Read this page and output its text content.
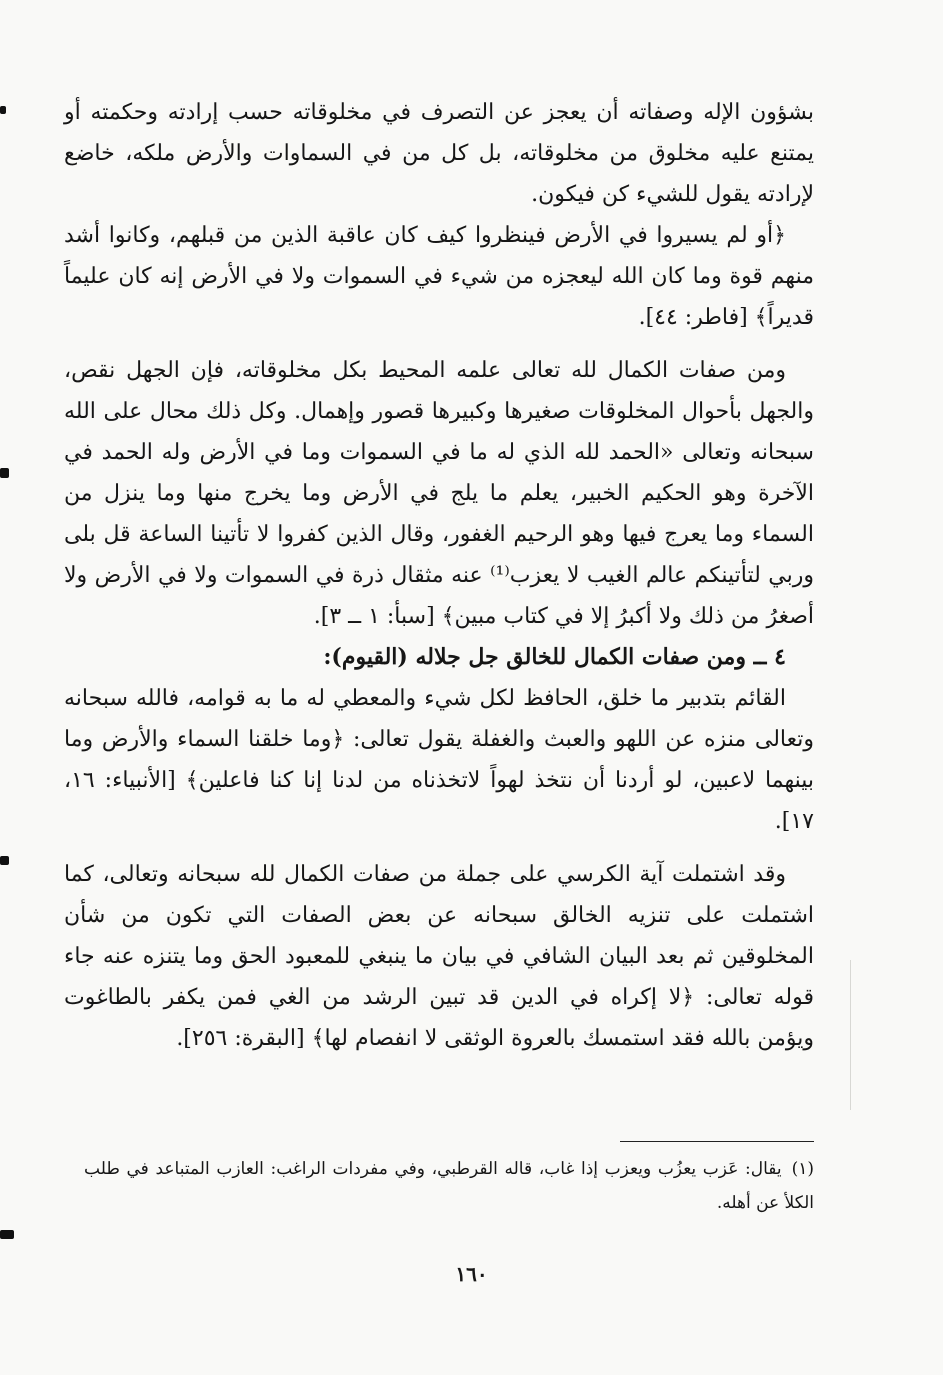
بشؤون الإله وصفاته أن يعجز عن التصرف في مخلوقاته حسب إرادته وحكمته أو يمتنع عليه مخلوق من مخلوقاته، بل كل من في السماوات والأرض ملكه، خاضع لإرادته يقول للشيء كن فيكون.

﴿أو لم يسيروا في الأرض فينظروا كيف كان عاقبة الذين من قبلهم، وكانوا أشد منهم قوة وما كان الله ليعجزه من شيء في السموات ولا في الأرض إنه كان عليماً قديراً﴾ [فاطر: ٤٤].

ومن صفات الكمال لله تعالى علمه المحيط بكل مخلوقاته، فإن الجهل نقص، والجهل بأحوال المخلوقات صغيرها وكبيرها قصور وإهمال. وكل ذلك محال على الله سبحانه وتعالى «الحمد لله الذي له ما في السموات وما في الأرض وله الحمد في الآخرة وهو الحكيم الخبير، يعلم ما يلج في الأرض وما يخرج منها وما ينزل من السماء وما يعرج فيها وهو الرحيم الغفور، وقال الذين كفروا لا تأتينا الساعة قل بلى وربي لتأتينكم عالم الغيب لا يعزب⁽¹⁾ عنه مثقال ذرة في السموات ولا في الأرض ولا أصغرُ من ذلك ولا أكبرُ إلا في كتاب مبين﴾ [سبأ: ١ ــ ٣].

٤ ــ ومن صفات الكمال للخالق جل جلاله (القيوم):

القائم بتدبير ما خلق، الحافظ لكل شيء والمعطي له ما به قوامه، فالله سبحانه وتعالى منزه عن اللهو والعبث والغفلة يقول تعالى: ﴿وما خلقنا السماء والأرض وما بينهما لاعبين، لو أردنا أن نتخذ لهواً لاتخذناه من لدنا إنا كنا فاعلين﴾ [الأنبياء: ١٦، ١٧].

وقد اشتملت آية الكرسي على جملة من صفات الكمال لله سبحانه وتعالى، كما اشتملت على تنزيه الخالق سبحانه عن بعض الصفات التي تكون من شأن المخلوقين ثم بعد البيان الشافي في بيان ما ينبغي للمعبود الحق وما يتنزه عنه جاء قوله تعالى: ﴿لا إكراه في الدين قد تبين الرشد من الغي فمن يكفر بالطاغوت ويؤمن بالله فقد استمسك بالعروة الوثقى لا انفصام لها﴾ [البقرة: ٢٥٦].

(١)يقال: عَزب يعزُب ويعزب إذا غاب، قاله القرطبي، وفي مفردات الراغب: العازب المتباعد في طلب الكلأ عن أهله.
١٦٠
